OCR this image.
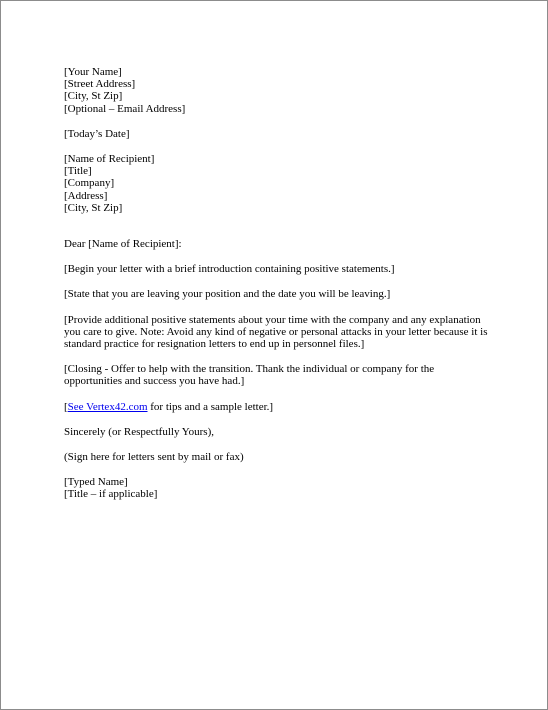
[Your Name]
[Street Address]
[City, St Zip]
[Optional – Email Address]
[Today’s Date]
[Name of Recipient]
[Title]
[Company]
[Address]
[City, St Zip]

Dear [Name of Recipient]:

[Begin your letter with a brief introduction containing positive statements.]

[State that you are leaving your position and the date you will be leaving.]

[Provide additional positive statements about your time with the company and any explanation you care to give. Note: Avoid any kind of negative or personal attacks in your letter because it is standard practice for resignation letters to end up in personnel files.]

[Closing - Offer to help with the transition. Thank the individual or company for the opportunities and success you have had.]

[See Vertex42.com for tips and a sample letter.]

Sincerely (or Respectfully Yours),

(Sign here for letters sent by mail or fax)

[Typed Name]
[Title – if applicable]
